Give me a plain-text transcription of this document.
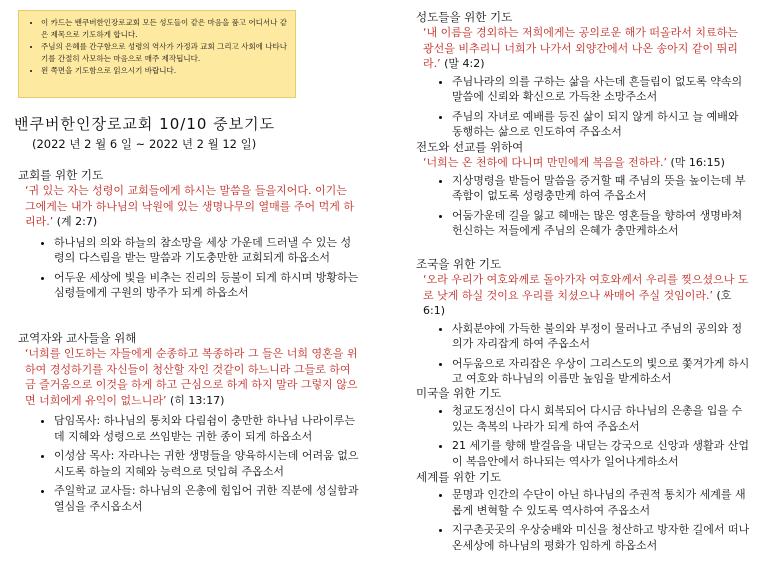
• 이 카드는 밴쿠버한인장로교회 모든 성도들이 같은 마음을 품고 어디서나 같은 제목으로 기도하게 합니다.
• 주님의 은혜를 간구함으로 성령의 역사가 가정과 교회 그리고 사회에 나타나기를 간절히 사모하는 마음으로 매주 제작됩니다.
• 왼 쪽면을 기도함으로 읽으시기 바랍니다.
밴쿠버한인장로교회 10/10 중보기도
(2022 년 2 월 6 일 ~ 2022 년 2 월 12 일)
교회를 위한 기도

‘귀 있는 자는 성령이 교회들에게 하시는 말씀을 들을지어다. 이기는 그에게는 내가 하나님의 낙원에 있는 생명나무의 열매를 주어 먹게 하리라.’ (계 2:7)

• 하나님의 의와 하늘의 참소망을 세상 가운데 드러낼 수 있는 성령의 다스림을 받는 말씀과 기도충만한 교회되게 하옵소서
• 어두운 세상에 빛을 비추는 진리의 등불이 되게 하시며 방황하는 심령들에게 구원의 방주가 되게 하옵소서
교역자와 교사들을 위해

‘너희를 인도하는 자들에게 순종하고 복종하라 그 들은 너희 영혼을 위하여 경성하기를 자신들이 청산할 자인 것같이 하느니라 그들로 하여금 즐거움으로 이것을 하게 하고 근심으로 하게 하지 말라 그렇지 않으면 너희에게 유익이 없느니라’ (히 13:17)

• 담임목사: 하나님의 통치와 다림쉼이 충만한 하나님 나라이루는데 지혜와 성령으로 쓰임받는 귀한 종이 되게 하옵소서
• 이성삼 목사: 자라나는 귀한 생명들을 양육하시는데 어려움 없으시도록 하늘의 지혜와 능력으로 덧입혀 주옵소서
• 주일학교 교사들: 하나님의 은총에 힘입어 귀한 직분에 성실함과 열심을 주시옵소서
성도들을 위한 기도

‘내 이름을 경외하는 저희에게는 공의로운 해가 떠올라서 치료하는 광선을 비추리니 너희가 나가서 외양간에서 나온 송아지 같이 뛰리라.’ (말 4:2)

• 주님나라의 의를 구하는 삶을 사는데 흔들림이 없도록 약속의 말씀에 신뢰와 확신으로 가득찬 소망주소서
• 주님의 자녀로 예배를 등진 삶이 되지 않게 하시고 늘 예배와 동행하는 삶으로 인도하여 주옵소서
전도와 선교를 위하여

‘너희는 온 천하에 다니며 만민에게 복음을 전하라.’ (막 16:15)

• 지상명령을 받들어 말씀을 증거할 때 주님의 뜻을 높이는데 부족함이 없도록 성령충만케 하여 주옵소서
• 어둠가운데 길을 잃고 헤매는 많은 영혼들을 향하여 생명바쳐 헌신하는 저들에게 주님의 은혜가 충만케하소서
조국을 위한 기도

‘오라 우리가 여호와께로 돌아가자 여호와께서 우리를 찢으셨으나 도로 낫게 하실 것이요 우리를 치셨으나 싸매어 주실 것임이라.’ (호 6:1)

• 사회분야에 가득한 불의와 부정이 물러나고 주님의 공의와 정의가 자리잡게 하여 주옵소서
• 어두움으로 자리잡은 우상이 그리스도의 빛으로 쫓겨가게 하시고 여호와 하나님의 이름만 높임을 받게하소서
미국을 위한 기도
• 청교도정신이 다시 회복되어 다시금 하나님의 은총을 입을 수 있는 축복의 나라가 되게 하여 주옵소서
• 21 세기를 향해 발걸음을 내딛는 강국으로 신앙과 생활과 산업이 복음안에서 하나되는 역사가 일어나게하소서
세계를 위한 기도
• 문명과 인간의 수단이 아닌 하나님의 주권적 통치가 세계를 새롭게 변혁할 수 있도록 역사하여 주옵소서
• 지구촌곳곳의 우상숭배와 미신을 청산하고 방자한 길에서 떠나 온세상에 하나님의 평화가 임하게 하옵소서
